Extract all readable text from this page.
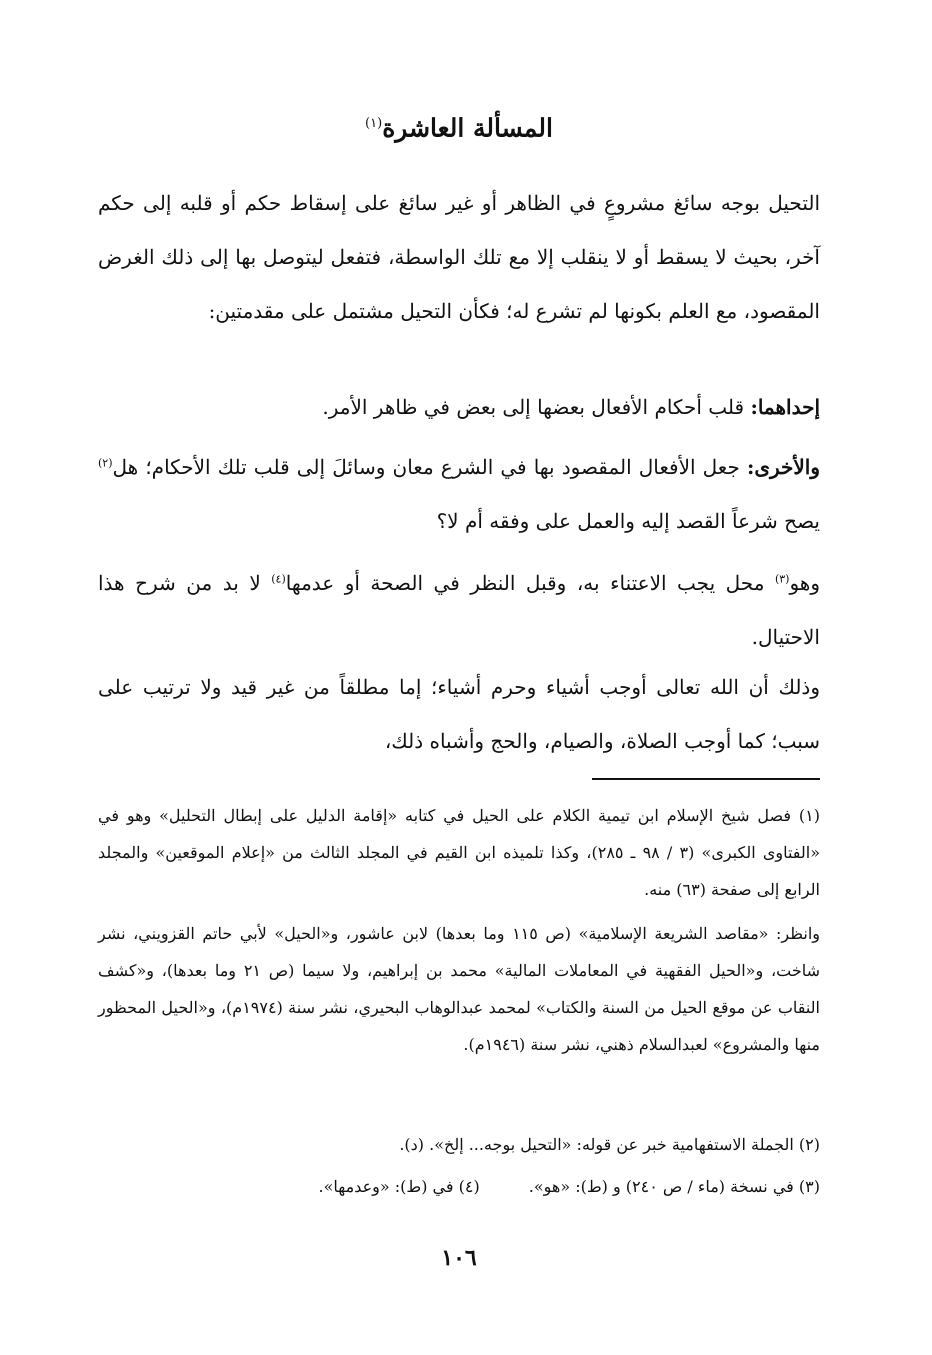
المسألة العاشرة$^{(١)}$

التحيل بوجه سائغ مشروعٍ في الظاهر أو غير سائغ على إسقاط حكم أو قلبه إلى حكم آخر، بحيث لا يسقط أو لا ينقلب إلا مع تلك الواسطة، فتفعل ليتوصل بها إلى ذلك الغرض المقصود، مع العلم بكونها لم تشرع له؛ فكأن التحيل مشتمل على مقدمتين:

إحداهما: قلب أحكام الأفعال بعضها إلى بعض في ظاهر الأمر.

والأخرى: جعل الأفعال المقصود بها في الشرع معان وسائلَ إلى قلب تلك الأحكام؛ هل$^{(٢)}$ يصح شرعاً القصد إليه والعمل على وفقه أم لا؟

وهو$^{(٣)}$ محل يجب الاعتناء به، وقبل النظر في الصحة أو عدمها$^{(٤)}$ لا بد من شرح هذا الاحتيال.

وذلك أن الله تعالى أوجب أشياء وحرم أشياء؛ إما مطلقاً من غير قيد ولا ترتيب على سبب؛ كما أوجب الصلاة، والصيام، والحج وأشباه ذلك،

(١) فصل شيخ الإسلام ابن تيمية الكلام على الحيل في كتابه «إقامة الدليل على إبطال التحليل» وهو في «الفتاوى الكبرى» (٣ / ٩٨ ـ ٢٨٥)، وكذا تلميذه ابن القيم في المجلد الثالث من «إعلام الموقعين» والمجلد الرابع إلى صفحة (٦٣) منه.

وانظر: «مقاصد الشريعة الإسلامية» (ص ١١٥ وما بعدها) لابن عاشور، و«الحيل» لأبي حاتم القزويني، نشر شاخت، و«الحيل الفقهية في المعاملات المالية» محمد بن إبراهيم، ولا سيما (ص ٢١ وما بعدها)، و«كشف النقاب عن موقع الحيل من السنة والكتاب» لمحمد عبدالوهاب البحيري، نشر سنة (١٩٧٤م)، و«الحيل المحظور منها والمشروع» لعبدالسلام ذهني، نشر سنة (١٩٤٦م).

(٢) الجملة الاستفهامية خبر عن قوله: «التحيل بوجه... إلخ». (د).

(٣) في نسخة (ماء / ص ٢٤٠) و (ط): «هو». (٤) في (ط): «وعدمها».
١٠٦
